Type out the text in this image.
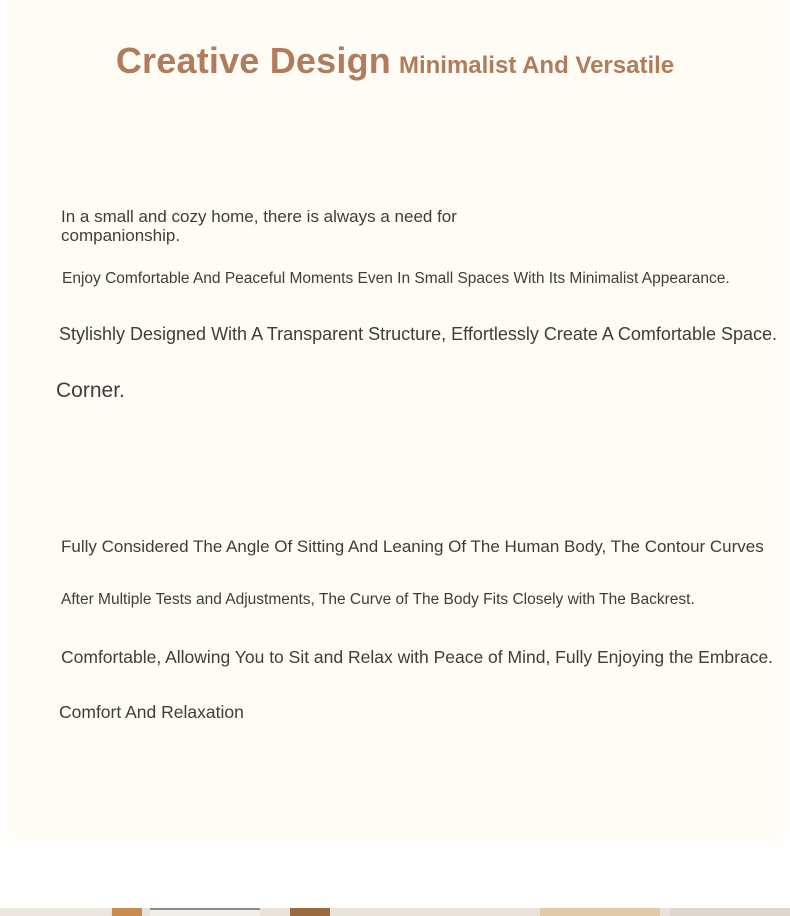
Creative Design Minimalist And Versatile
In a small and cozy home, there is always a need for companionship.
Enjoy Comfortable And Peaceful Moments Even In Small Spaces With Its Minimalist Appearance.
Stylishly Designed With A Transparent Structure, Effortlessly Create A Comfortable Space.
Corner.
Fully Considered The Angle Of Sitting And Leaning Of The Human Body, The Contour Curves
After Multiple Tests and Adjustments, The Curve of The Body Fits Closely with The Backrest.
Comfortable, Allowing You to Sit and Relax with Peace of Mind, Fully Enjoying the Embrace.
Comfort And Relaxation
